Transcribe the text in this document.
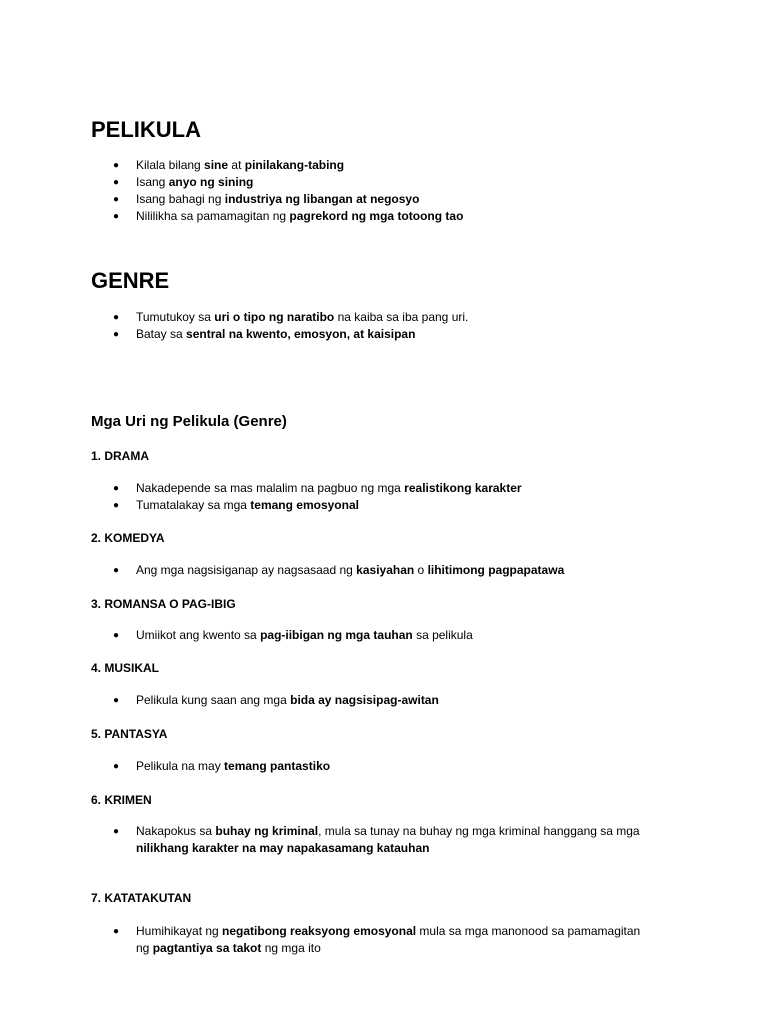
PELIKULA
● Kilala bilang sine at pinilakang-tabing
● Isang anyo ng sining
● Isang bahagi ng industriya ng libangan at negosyo
● Nililikha sa pamamagitan ng pagrekord ng mga totoong tao
GENRE
● Tumutukoy sa uri o tipo ng naratibo na kaiba sa iba pang uri.
● Batay sa sentral na kwento, emosyon, at kaisipan
Mga Uri ng Pelikula (Genre)
1. DRAMA
● Nakadepende sa mas malalim na pagbuo ng mga realistikong karakter
● Tumatalakay sa mga temang emosyonal
2. KOMEDYA
● Ang mga nagsisiganap ay nagsasaad ng kasiyahan o lihitimong pagpapatawa
3. ROMANSA O PAG-IBIG
● Umiikot ang kwento sa pag-iibigan ng mga tauhan sa pelikula
4. MUSIKAL
● Pelikula kung saan ang mga bida ay nagsisipag-awitan
5. PANTASYA
● Pelikula na may temang pantastiko
6. KRIMEN
● Nakapokus sa buhay ng kriminal, mula sa tunay na buhay ng mga kriminal hanggang sa mga nilikhang karakter na may napakasamang katauhan
7. KATATAKUTAN
● Humihikayat ng negatibong reaksyong emosyonal mula sa mga manonood sa pamamagitan ng pagtantiya sa takot ng mga ito
